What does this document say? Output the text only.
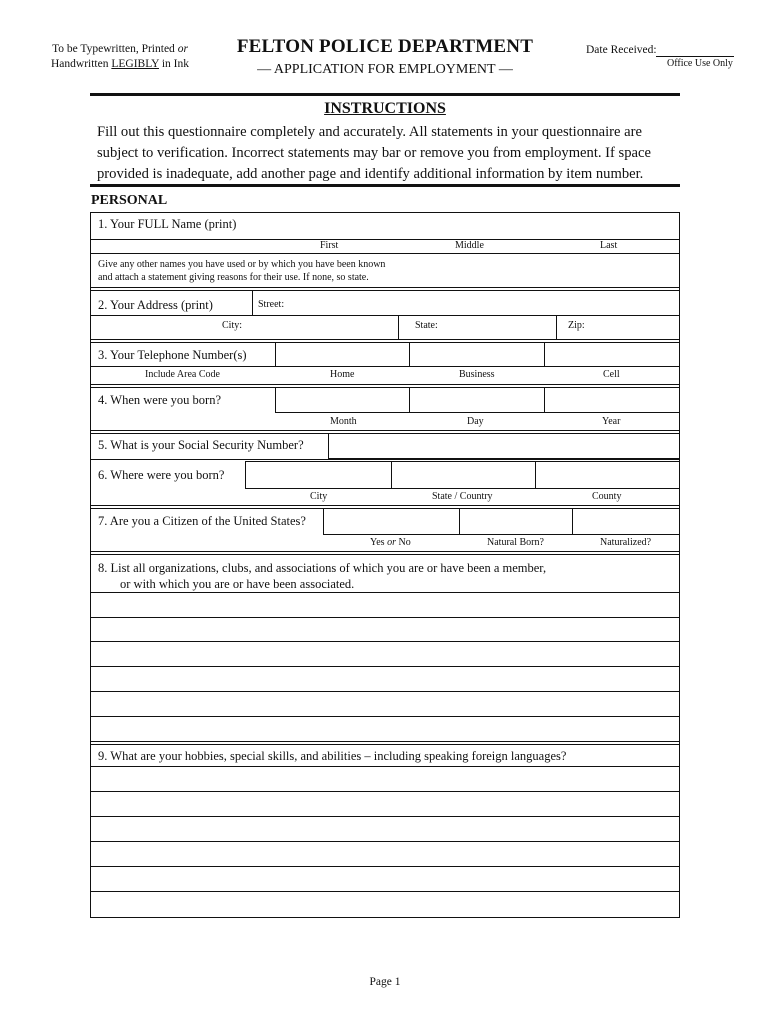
To be Typewritten, Printed or
Handwritten LEGIBLY in Ink
FELTON POLICE DEPARTMENT
— APPLICATION FOR EMPLOYMENT —
Date Received:
Office Use Only
INSTRUCTIONS
Fill out this questionnaire completely and accurately. All statements in your questionnaire are
subject to verification. Incorrect statements may bar or remove you from employment. If space
provided is inadequate, add another page and identify additional information by item number.
PERSONAL
1. Your FULL Name (print)
First	Middle	Last
Give any other names you have used or by which you have been known
and attach a statement giving reasons for their use. If none, so state.
2. Your Address (print)	Street:
City:	State:	Zip:
3. Your Telephone Number(s)
Include Area Code	Home	Business	Cell
4. When were you born?
Month	Day	Year
5. What is your Social Security Number?
6. Where were you born?
City	State / Country	County
7. Are you a Citizen of the United States?
Yes or No	Natural Born?	Naturalized?
8. List all organizations, clubs, and associations of which you are or have been a member,
or with which you are or have been associated.
9. What are your hobbies, special skills, and abilities – including speaking foreign languages?
Page 1
